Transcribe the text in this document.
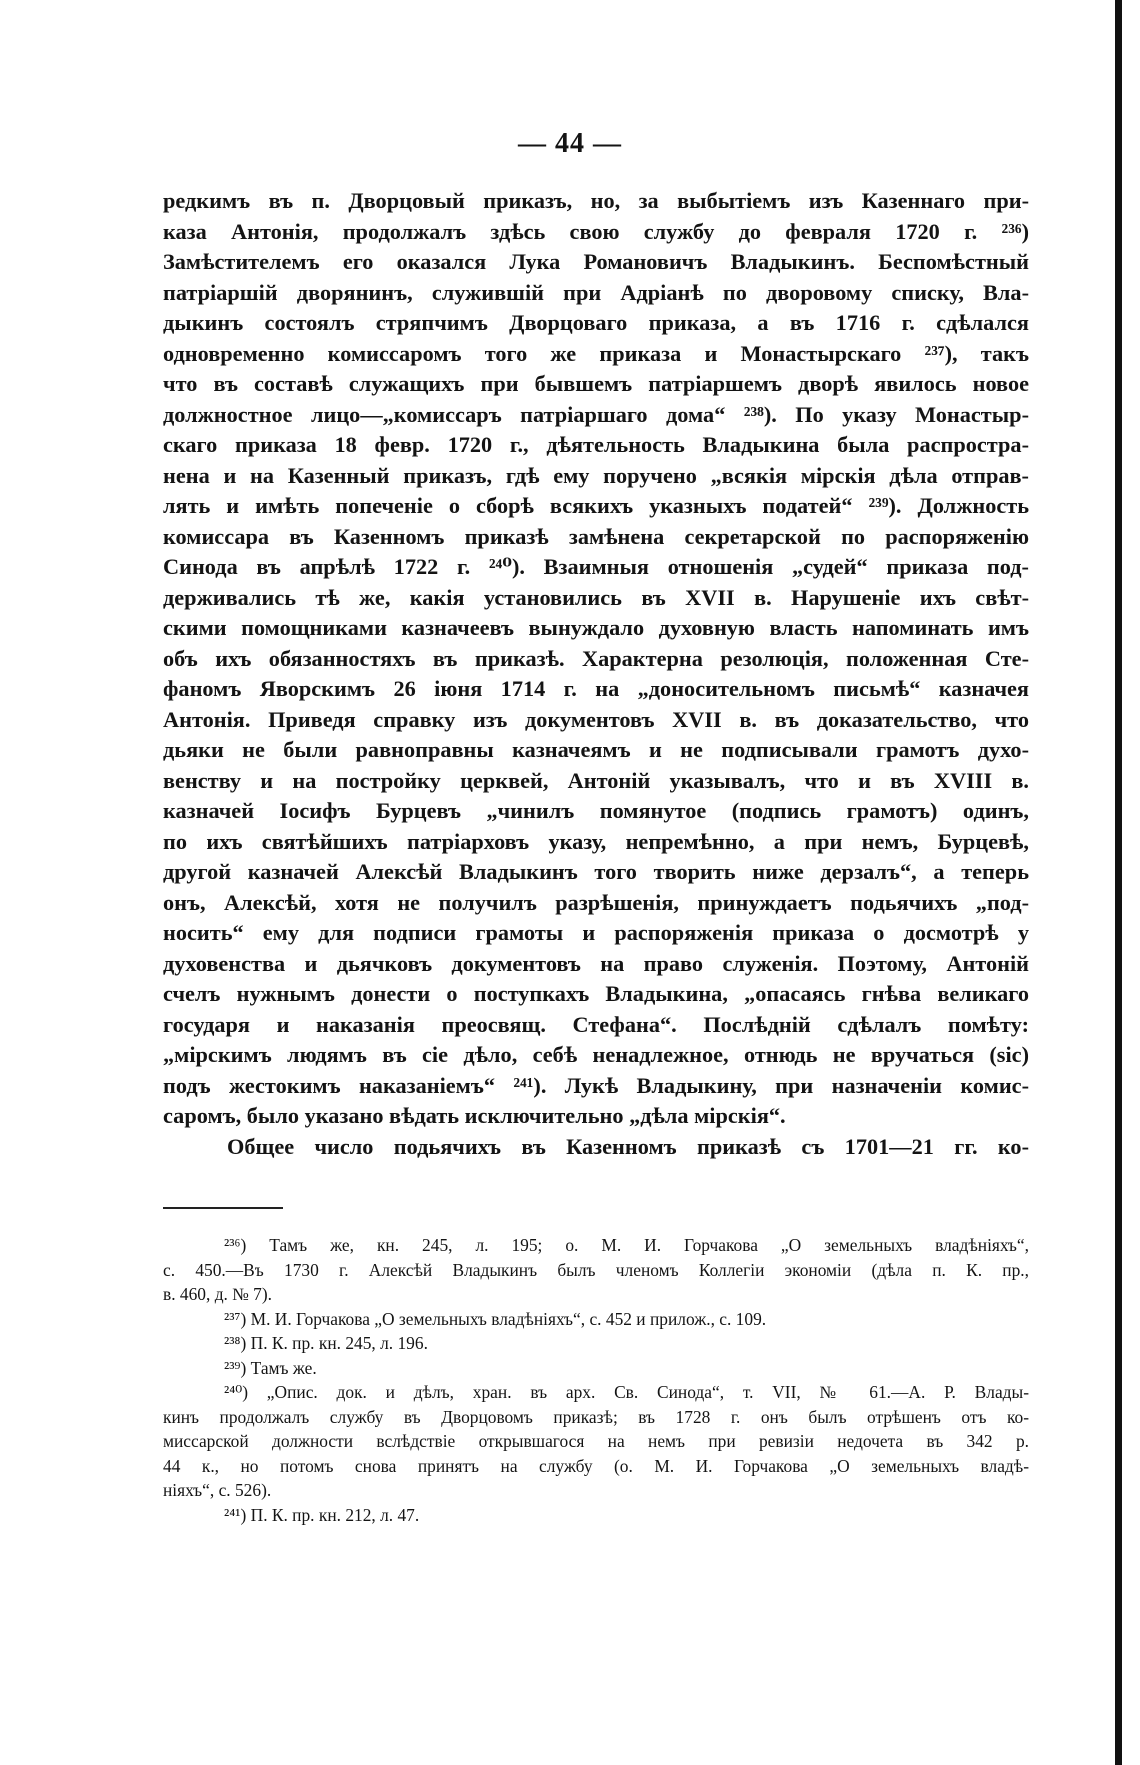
— 44 —
редкимъ въ п. Дворцовый приказъ, но, за выбытіемъ изъ Казеннаго при-
каза Антонія, продолжалъ здѣсь свою службу до февраля 1720 г. ²³⁶)
Замѣстителемъ его оказался Лука Романовичъ Владыкинъ. Беспомѣстный
патріаршій дворянинъ, служившій при Адріанѣ по дворовому списку, Вла-
дыкинъ состоялъ стряпчимъ Дворцоваго приказа, а въ 1716 г. сдѣлался
одновременно комиссаромъ того же приказа и Монастырскаго ²³⁷), такъ
что въ составѣ служащихъ при бывшемъ патріаршемъ дворѣ явилось новое
должностное лицо—„комиссаръ патріаршаго дома“ ²³⁸). По указу Монастыр-
скаго приказа 18 февр. 1720 г., дѣятельность Владыкина была распростра-
нена и на Казенный приказъ, гдѣ ему поручено „всякія мірскія дѣла отправ-
лять и имѣть попеченіе о сборѣ всякихъ указныхъ податей“ ²³⁹). Должность
комиссара въ Казенномъ приказѣ замѣнена секретарской по распоряженію
Синода въ апрѣлѣ 1722 г. ²⁴⁰). Взаимныя отношенія „судей“ приказа под-
держивались тѣ же, какія установились въ XVII в. Нарушеніе ихъ свѣт-
скими помощниками казначеевъ вынуждало духовную власть напоминать имъ
объ ихъ обязанностяхъ въ приказѣ. Характерна резолюція, положенная Сте-
фаномъ Яворскимъ 26 іюня 1714 г. на „доносительномъ письмѣ“ казначея
Антонія. Приведя справку изъ документовъ XVII в. въ доказательство, что
дьяки не были равноправны казначеямъ и не подписывали грамотъ духо-
венству и на постройку церквей, Антоній указывалъ, что и въ XVIII в.
казначей Іосифъ Бурцевъ „чинилъ помянутое (подпись грамотъ) одинъ,
по ихъ святѣйшихъ патріарховъ указу, непремѣнно, а при немъ, Бурцевѣ,
другой казначей Алексѣй Владыкинъ того творить ниже дерзалъ“, а теперь
онъ, Алексѣй, хотя не получилъ разрѣшенія, принуждаетъ подьячихъ „под-
носить“ ему для подписи грамоты и распоряженія приказа о досмотрѣ у
духовенства и дьячковъ документовъ на право служенія. Поэтому, Антоній
счелъ нужнымъ донести о поступкахъ Владыкина, „опасаясь гнѣва великаго
государя и наказанія преосвящ. Стефана“. Послѣдній сдѣлалъ помѣту:
„мірскимъ людямъ въ сіе дѣло, себѣ ненадлежное, отнюдь не вручаться (sic)
подъ жестокимъ наказаніемъ“ ²⁴¹). Лукѣ Владыкину, при назначеніи комис-
саромъ, было указано вѣдать исключительно „дѣла мірскія“.
Общее число подьячихъ въ Казенномъ приказѣ съ 1701—21 гг. ко-
²³⁶) Тамъ же, кн. 245, л. 195; о. М. И. Горчакова „О земельныхъ владѣніяхъ“,
с. 450.—Въ 1730 г. Алексѣй Владыкинъ былъ членомъ Коллегіи экономіи (дѣла п. К. пр.,
в. 460, д. № 7).
²³⁷) М. И. Горчакова „О земельныхъ владѣніяхъ“, с. 452 и прилож., с. 109.
²³⁸) П. К. пр. кн. 245, л. 196.
²³⁹) Тамъ же.
²⁴⁰) „Опис. док. и дѣлъ, хран. въ арх. Св. Синода“, т. VII, № 61.—А. Р. Влады-
кинъ продолжалъ службу въ Дворцовомъ приказѣ; въ 1728 г. онъ былъ отрѣшенъ отъ ко-
миссарской должности вслѣдствіе открывшагося на немъ при ревизіи недочета въ 342 р.
44 к., но потомъ снова принятъ на службу (о. М. И. Горчакова „О земельныхъ владѣ-
ніяхъ“, с. 526).
²⁴¹) П. К. пр. кн. 212, л. 47.
